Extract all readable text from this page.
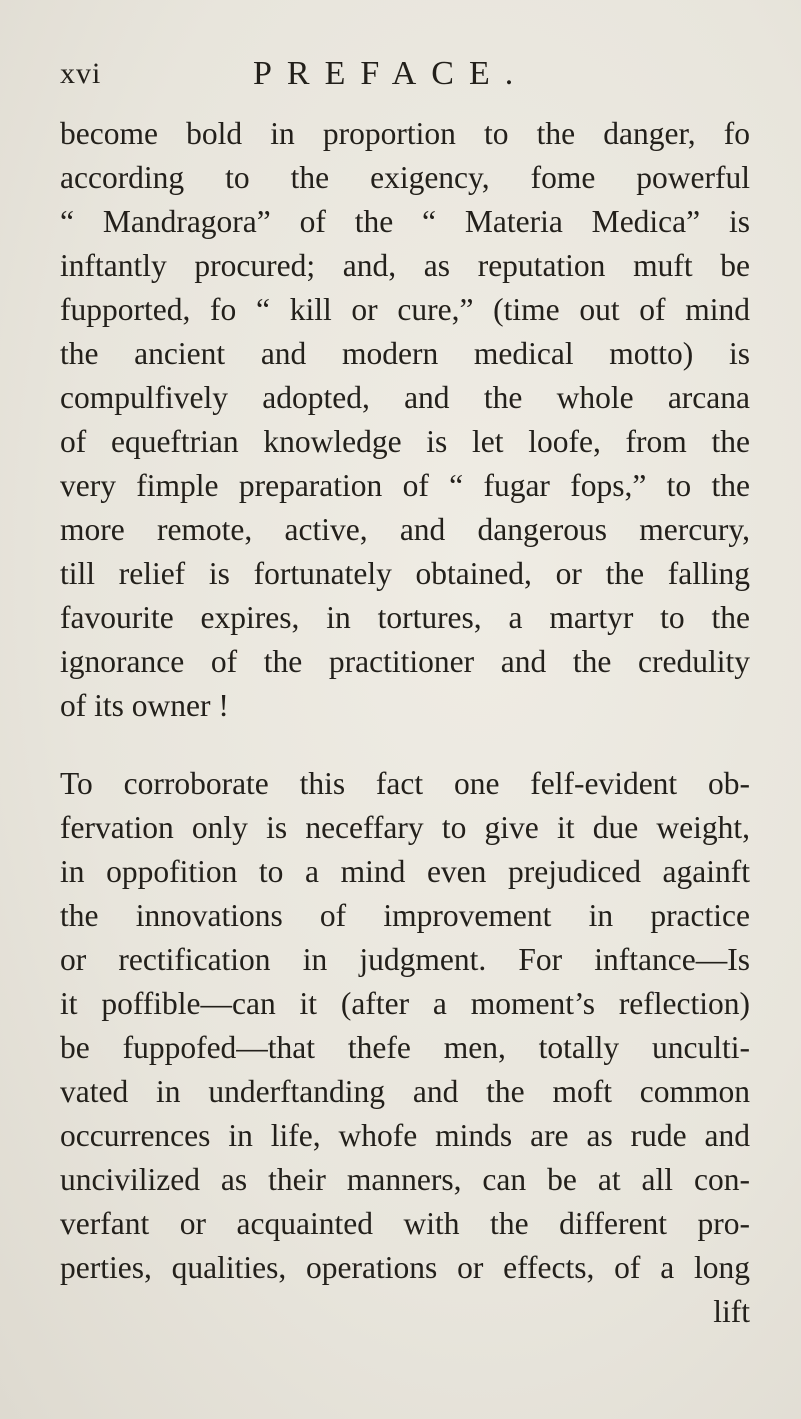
xvi	PREFACE.
become bold in proportion to the danger, fo
according to the exigency, fome powerful
“ Mandragora” of the “ Materia Medica” is
inftantly procured; and, as reputation muft be
fupported, fo “ kill or cure,” (time out of mind
the ancient and modern medical motto) is
compulfively adopted, and the whole arcana
of equeftrian knowledge is let loofe, from the
very fimple preparation of “ fugar fops,” to the
more remote, active, and dangerous mercury,
till relief is fortunately obtained, or the falling
favourite expires, in tortures, a martyr to the
ignorance of the practitioner and the credulity
of its owner !
To corroborate this fact one felf-evident ob-
fervation only is neceffary to give it due weight,
in oppofition to a mind even prejudiced againft
the innovations of improvement in practice
or rectification in judgment. For inftance—Is
it poffible—can it (after a moment’s reflection)
be fuppofed—that thefe men, totally unculti-
vated in underftanding and the moft common
occurrences in life, whofe minds are as rude and
uncivilized as their manners, can be at all con-
verfant or acquainted with the different pro-
perties, qualities, operations or effects, of a long
lift
